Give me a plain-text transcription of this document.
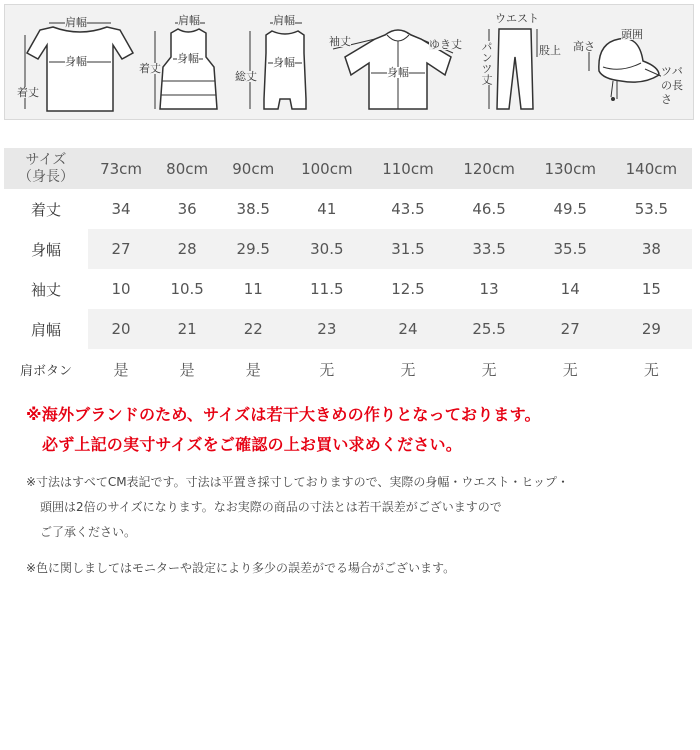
肩幅
身幅
着丈
肩幅
着丈
身幅
肩幅
総丈
身幅
袖丈	ゆき丈
身幅
ウエスト
パンツ丈	股上 高さ
頭囲
ツバの長さ
サイズ
（身長）	73cm	80cm	90cm	100cm	110cm	120cm	130cm	140cm
着丈	34	36	38.5	41	43.5	46.5	49.5	53.5
身幅	27	28	29.5	30.5	31.5	33.5	35.5	38
袖丈	10	10.5	11	11.5	12.5	13	14	15
肩幅	20	21	22	23	24	25.5	27	29
肩ボタン	是	是	是	无	无	无	无	无
※海外ブランドのため、サイズは若干大きめの作りとなっております。
必ず上記の実寸サイズをご確認の上お買い求めください。
※寸法はすべてCM表記です。寸法は平置き採寸しておりますので、実際の身幅・ウエスト・ヒップ・
頭囲は2倍のサイズになります。なお実際の商品の寸法とは若干誤差がございますので
ご了承ください。
※色に関しましてはモニターや設定により多少の誤差がでる場合がございます。
